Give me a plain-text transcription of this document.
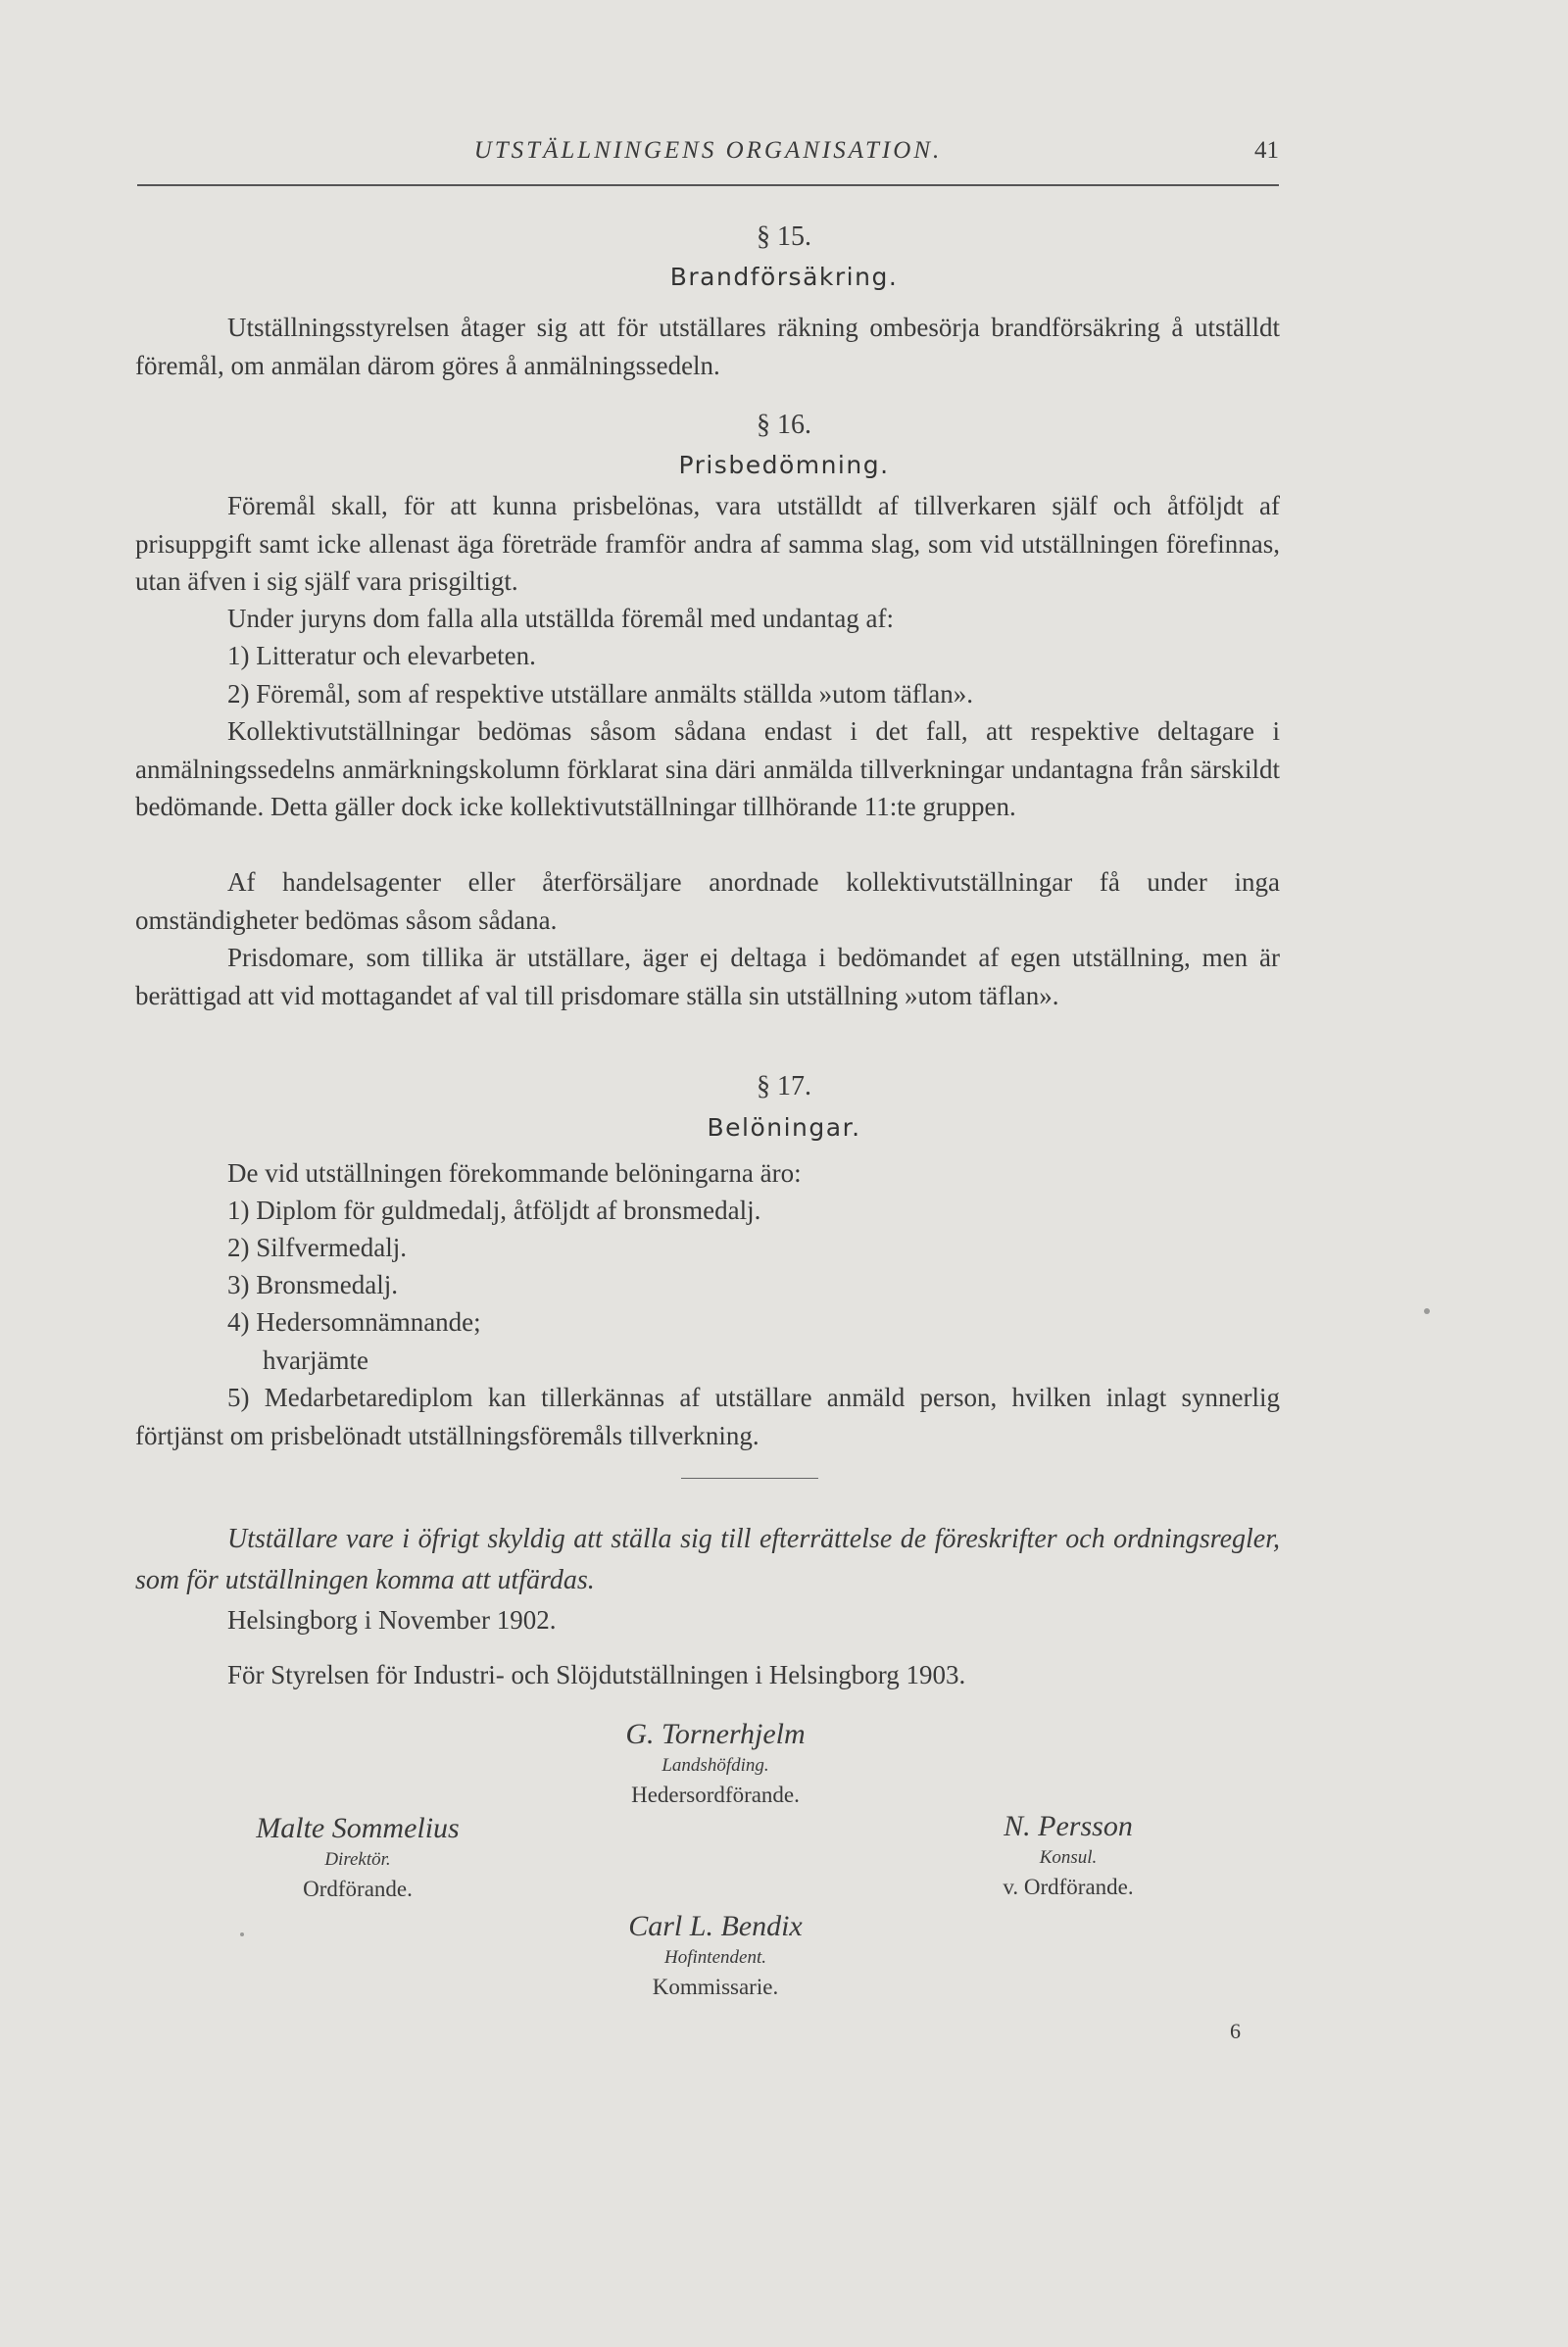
UTSTÄLLNINGENS ORGANISATION.	41
§ 15.
Brandförsäkring.

Utställningsstyrelsen åtager sig att för utställares räkning ombesörja brandförsäkring å utställdt föremål, om anmälan därom göres å anmälningssedeln.

§ 16.
Prisbedömning.

Föremål skall, för att kunna prisbelönas, vara utställdt af tillverkaren själf och åtföljdt af prisuppgift samt icke allenast äga företräde framför andra af samma slag, som vid utställningen förefinnas, utan äfven i sig själf vara prisgiltigt.

Under juryns dom falla alla utställda föremål med undantag af:

1) Litteratur och elevarbeten.
2) Föremål, som af respektive utställare anmälts ställda »utom täflan».

Kollektivutställningar bedömas såsom sådana endast i det fall, att respektive deltagare i anmälningssedelns anmärkningskolumn förklarat sina däri anmälda tillverkningar undantagna från särskildt bedömande. Detta gäller dock icke kollektivutställningar tillhörande 11:te gruppen.

Af handelsagenter eller återförsäljare anordnade kollektivutställningar få under inga omständigheter bedömas såsom sådana.

Prisdomare, som tillika är utställare, äger ej deltaga i bedömandet af egen utställning, men är berättigad att vid mottagandet af val till prisdomare ställa sin utställning »utom täflan».

§ 17.
Belöningar.
De vid utställningen förekommande belöningarna äro:
1) Diplom för guldmedalj, åtföljdt af bronsmedalj.
2) Silfvermedalj.
3) Bronsmedalj.
4) Hedersomnämnande;
hvarjämte

5) Medarbetarediplom kan tillerkännas af utställare anmäld person, hvilken inlagt synnerlig förtjänst om prisbelönadt utställningsföremåls tillverkning.

Utställare vare i öfrigt skyldig att ställa sig till efterrättelse de föreskrifter och ordningsregler, som för utställningen komma att utfärdas.

Helsingborg i November 1902.
För Styrelsen för Industri- och Slöjdutställningen i Helsingborg 1903.
G. Tornerhjelm
Landshöfding.
Hedersordförande.
Malte Sommelius
Direktör.
Ordförande.
N. Persson
Konsul.
v. Ordförande.
Carl L. Bendix
Hofintendent.
Kommissarie.
6
